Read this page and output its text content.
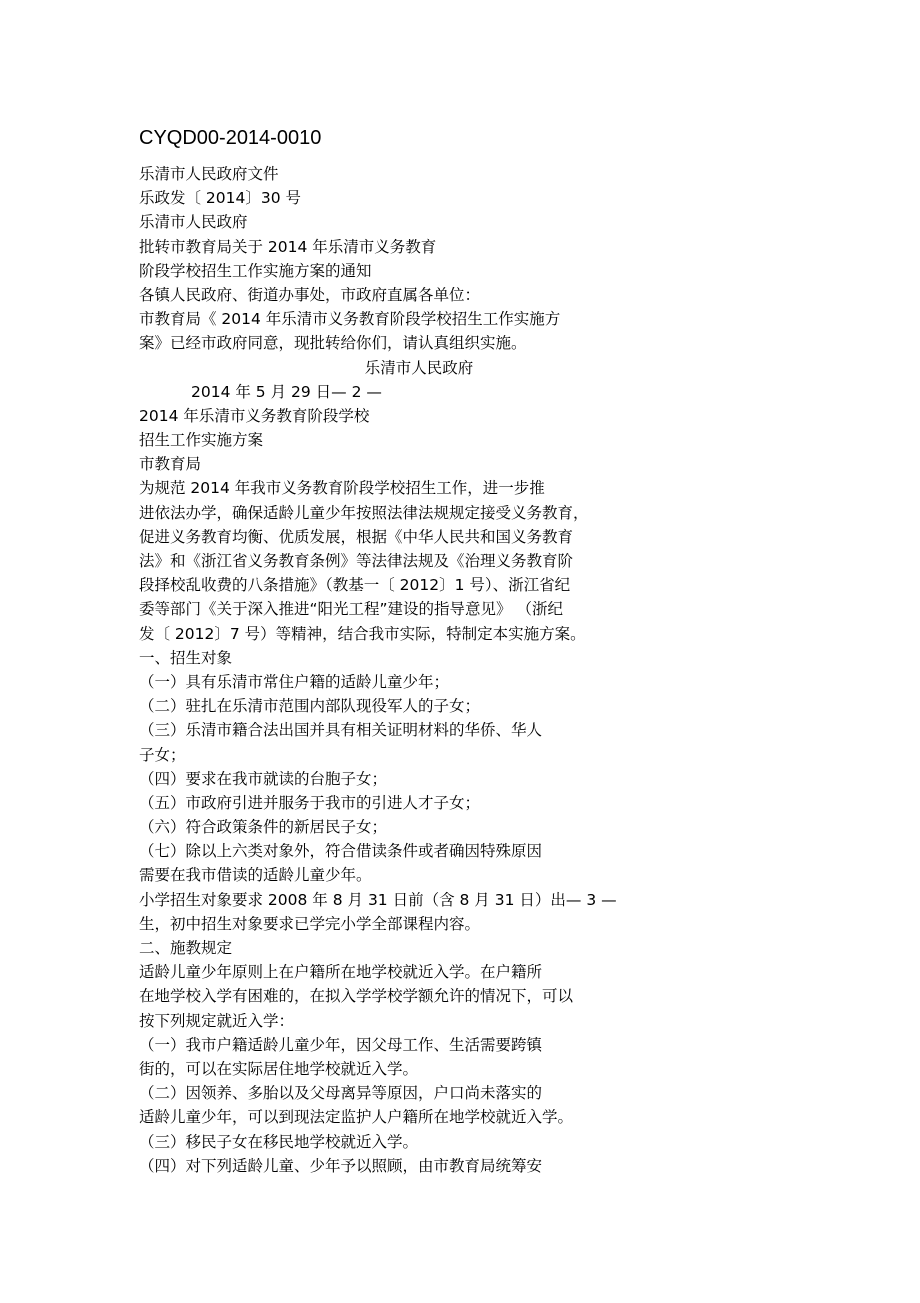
CYQD00-2014-0010
乐清市人民政府文件
乐政发〔 2014〕30 号
乐清市人民政府
批转市教育局关于 2014 年乐清市义务教育
阶段学校招生工作实施方案的通知
各镇人民政府、街道办事处，市政府直属各单位：
市教育局《 2014 年乐清市义务教育阶段学校招生工作实施方
案》已经市政府同意，现批转给你们，请认真组织实施。
乐清市人民政府
2014 年 5 月 29 日— 2 —
2014 年乐清市义务教育阶段学校
招生工作实施方案
市教育局
为规范 2014 年我市义务教育阶段学校招生工作，进一步推
进依法办学，确保适龄儿童少年按照法律法规规定接受义务教育，
促进义务教育均衡、优质发展，根据《中华人民共和国义务教育
法》和《浙江省义务教育条例》等法律法规及《治理义务教育阶
段择校乱收费的八条措施》（教基一〔 2012〕1 号）、浙江省纪
委等部门《关于深入推进“阳光工程”建设的指导意见》 （浙纪
发〔 2012〕7 号）等精神，结合我市实际，特制定本实施方案。
一、招生对象
（一）具有乐清市常住户籍的适龄儿童少年；
（二）驻扎在乐清市范围内部队现役军人的子女；
（三）乐清市籍合法出国并具有相关证明材料的华侨、华人
子女；
（四）要求在我市就读的台胞子女；
（五）市政府引进并服务于我市的引进人才子女；
（六）符合政策条件的新居民子女；
（七）除以上六类对象外，符合借读条件或者确因特殊原因
需要在我市借读的适龄儿童少年。
小学招生对象要求 2008 年 8 月 31 日前（含 8 月 31 日）出— 3 —
生，初中招生对象要求已学完小学全部课程内容。
二、施教规定
适龄儿童少年原则上在户籍所在地学校就近入学。在户籍所
在地学校入学有困难的，在拟入学学校学额允许的情况下，可以
按下列规定就近入学：
（一）我市户籍适龄儿童少年，因父母工作、生活需要跨镇
街的，可以在实际居住地学校就近入学。
（二）因领养、多胎以及父母离异等原因，户口尚未落实的
适龄儿童少年，可以到现法定监护人户籍所在地学校就近入学。
（三）移民子女在移民地学校就近入学。
（四）对下列适龄儿童、少年予以照顾，由市教育局统筹安
